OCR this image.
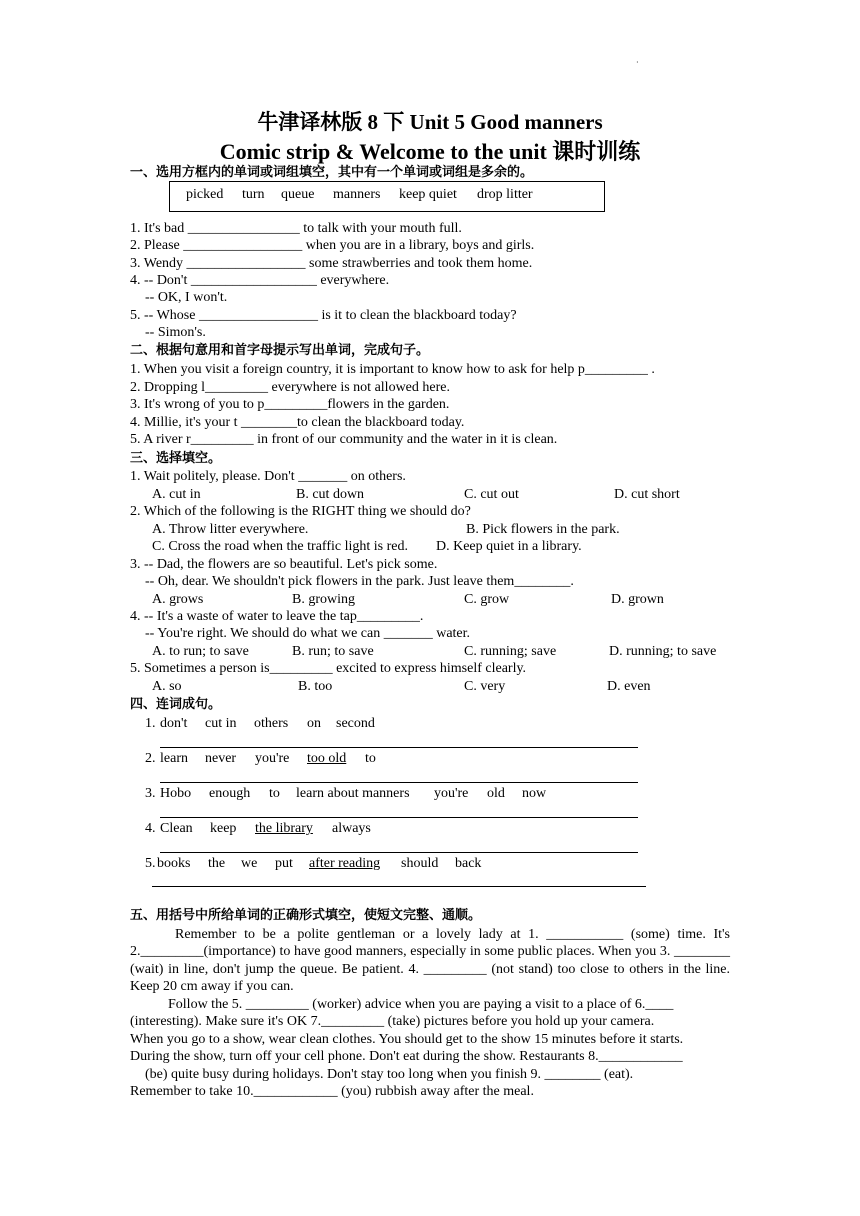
·
牛津译林版 8 下 Unit 5 Good manners
Comic strip & Welcome to the unit 课时训练
一、选用方框内的单词或词组填空，其中有一个单词或词组是多余的。
picked turn queue manners keep quiet drop litter
1. It's bad ________________ to talk with your mouth full.
2. Please _________________ when you are in a library, boys and girls.
3. Wendy _________________ some strawberries and took them home.
4. -- Don't __________________ everywhere.
-- OK, I won't.
5. -- Whose _________________ is it to clean the blackboard today?
-- Simon's.
二、根据句意用和首字母提示写出单词，完成句子。
1. When you visit a foreign country, it is important to know how to ask for help p_________ .
2. Dropping l_________ everywhere is not allowed here.
3. It's wrong of you to p_________flowers in the garden.
4. Millie, it's your t ________to clean the blackboard today.
5. A river r_________ in front of our community and the water in it is clean.
三、选择填空。
1. Wait politely, please. Don't _______ on others.
A. cut in	B. cut down	C. cut out	D. cut short
2. Which of the following is the RIGHT thing we should do?
A. Throw litter everywhere.	B. Pick flowers in the park.
C. Cross the road when the traffic light is red. D. Keep quiet in a library.
3. -- Dad, the flowers are so beautiful. Let's pick some.
-- Oh, dear. We shouldn't pick flowers in the park. Just leave them________.
A. grows	B. growing	C. grow	D. grown
4. -- It's a waste of water to leave the tap_________.
-- You're right. We should do what we can _______ water.
A. to run; to save	B. run; to save	C. running; save	D. running; to save
5. Sometimes a person is_________ excited to express himself clearly.
A. so	B. too	C. very	D. even
四、连词成句。
1. don't cut in others on second
2. learn never you're too old to
3. Hobo enough to learn about manners you're old now
4. Clean keep the library always
5. books the we put after reading should back
五、用括号中所给单词的正确形式填空，使短文完整、通顺。
Remember to be a polite gentleman or a lovely lady at 1. ___________ (some) time. It's 2._________(importance) to have good manners, especially in some public places. When you 3. ________ (wait) in line, don't jump the queue. Be patient. 4. _________ (not stand) too close to others in the line. Keep 20 cm away if you can.
Follow the 5. _________ (worker) advice when you are paying a visit to a place of 6.____
(interesting). Make sure it's OK 7._________ (take) pictures before you hold up your camera.
When you go to a show, wear clean clothes. You should get to the show 15 minutes before it starts.
During the show, turn off your cell phone. Don't eat during the show. Restaurants 8.____________
(be) quite busy during holidays. Don't stay too long when you finish 9. ________ (eat).
Remember to take 10.____________ (you) rubbish away after the meal.
